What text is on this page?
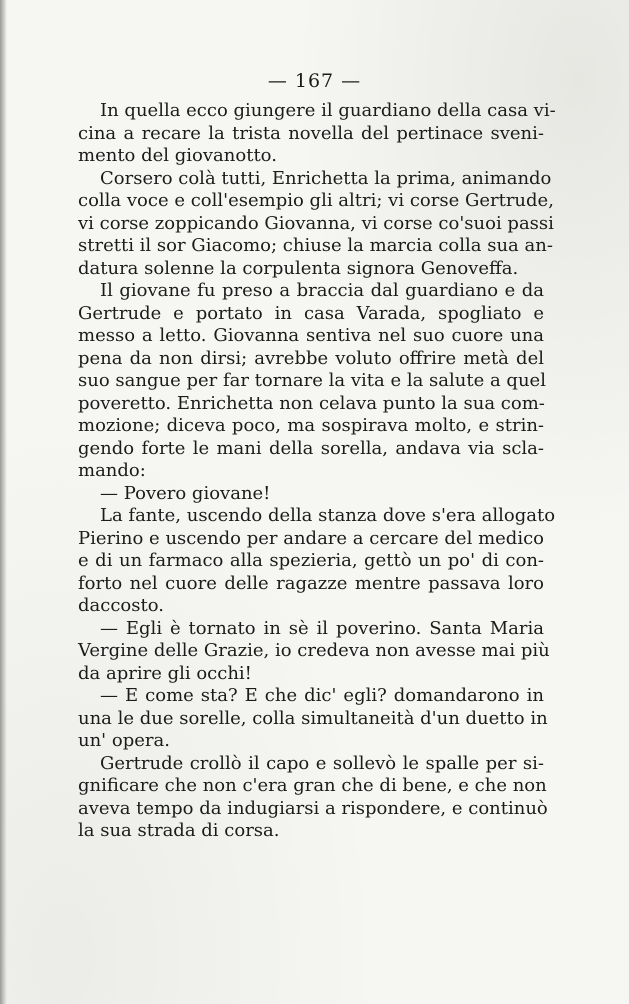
— 167 —
In quella ecco giungere il guardiano della casa vi-
cina a recare la trista novella del pertinace sveni-
mento del giovanotto.
Corsero colà tutti, Enrichetta la prima, animando
colla voce e coll'esempio gli altri; vi corse Gertrude,
vi corse zoppicando Giovanna, vi corse co'suoi passi
stretti il sor Giacomo; chiuse la marcia colla sua an-
datura solenne la corpulenta signora Genoveffa.
Il giovane fu preso a braccia dal guardiano e da
Gertrude e portato in casa Varada, spogliato e
messo a letto. Giovanna sentiva nel suo cuore una
pena da non dirsi; avrebbe voluto offrire metà del
suo sangue per far tornare la vita e la salute a quel
poveretto. Enrichetta non celava punto la sua com-
mozione; diceva poco, ma sospirava molto, e strin-
gendo forte le mani della sorella, andava via scla-
mando:
— Povero giovane!
La fante, uscendo della stanza dove s'era allogato
Pierino e uscendo per andare a cercare del medico
e di un farmaco alla spezieria, gettò un po' di con-
forto nel cuore delle ragazze mentre passava loro
daccosto.
— Egli è tornato in sè il poverino. Santa Maria
Vergine delle Grazie, io credeva non avesse mai più
da aprire gli occhi!
— E come sta? E che dic' egli? domandarono in
una le due sorelle, colla simultaneità d'un duetto in
un' opera.
Gertrude crollò il capo e sollevò le spalle per si-
gnificare che non c'era gran che di bene, e che non
aveva tempo da indugiarsi a rispondere, e continuò
la sua strada di corsa.
